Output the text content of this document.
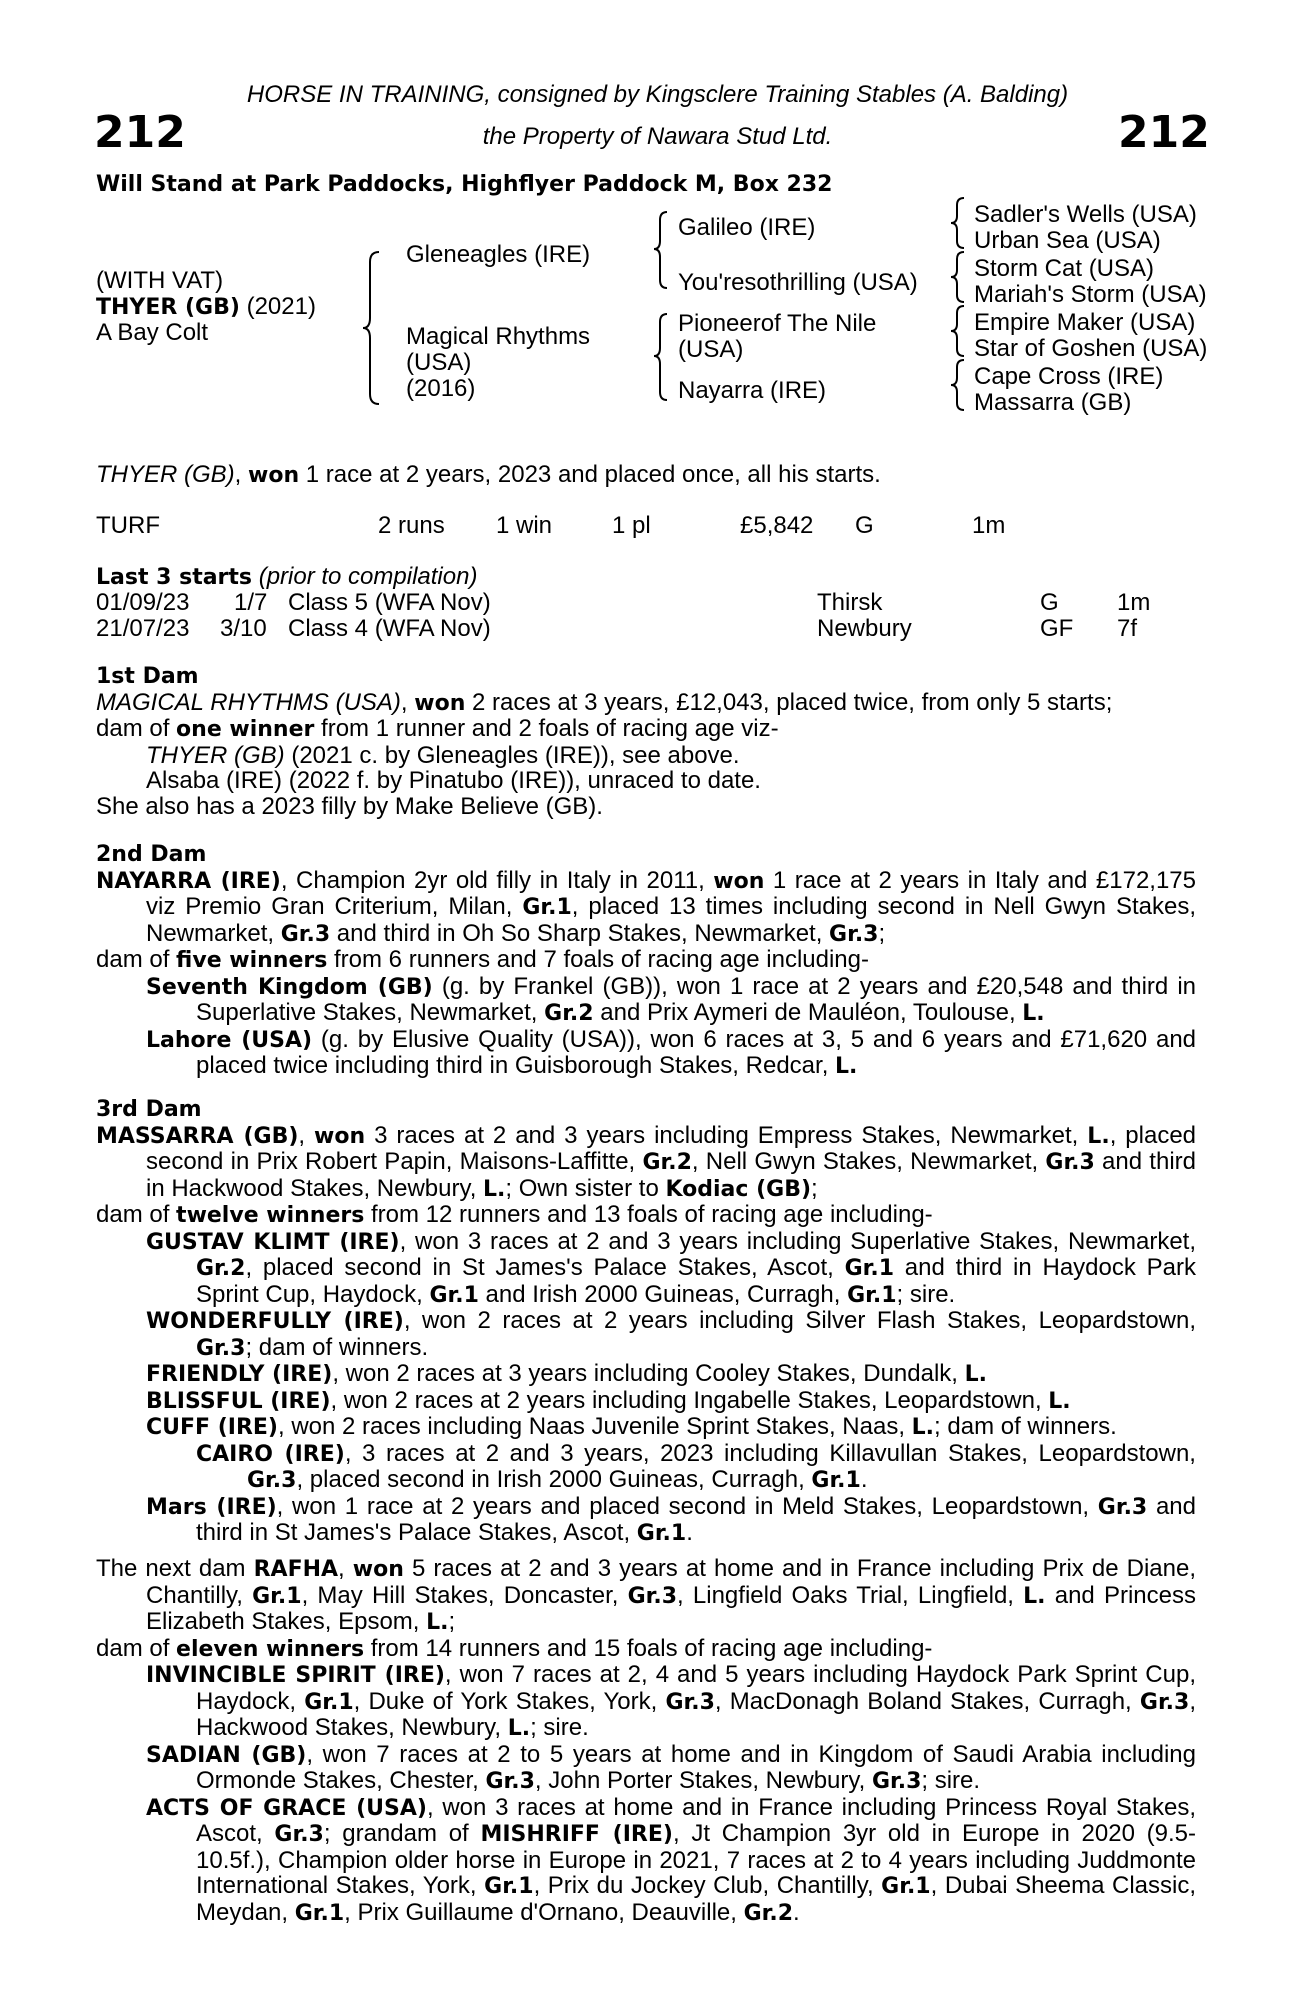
HORSE IN TRAINING, consigned by Kingsclere Training Stables (A. Balding)
212	the Property of Nawara Stud Ltd.	212
Will Stand at Park Paddocks, Highflyer Paddock M, Box 232
(WITH VAT)
THYER (GB) (2021)
A Bay Colt
Gleneagles (IRE)
Magical Rhythms
(USA)
(2016)
Galileo (IRE)
You'resothrilling (USA)
Pioneerof The Nile
(USA)
Nayarra (IRE)
Sadler's Wells (USA)
Urban Sea (USA)
Storm Cat (USA)
Mariah's Storm (USA)
Empire Maker (USA)
Star of Goshen (USA)
Cape Cross (IRE)
Massarra (GB)
THYER (GB), won 1 race at 2 years, 2023 and placed once, all his starts.
TURF	2 runs 1 win 1 pl	£5,842 G	1m
Last 3 starts (prior to compilation)
01/09/23 1/7 Class 5 (WFA Nov)	Thirsk	G 1m
21/07/23 3/10 Class 4 (WFA Nov)	Newbury	GF 7f
1st Dam

MAGICAL RHYTHMS (USA), won 2 races at 3 years, £12,043, placed twice, from only 5 starts;

dam of one winner from 1 runner and 2 foals of racing age viz-

THYER (GB) (2021 c. by Gleneagles (IRE)), see above.

Alsaba (IRE) (2022 f. by Pinatubo (IRE)), unraced to date.

She also has a 2023 filly by Make Believe (GB).

2nd Dam

NAYARRA (IRE), Champion 2yr old filly in Italy in 2011, won 1 race at 2 years in Italy and £172,175 viz Premio Gran Criterium, Milan, Gr.1, placed 13 times including second in Nell Gwyn Stakes, Newmarket, Gr.3 and third in Oh So Sharp Stakes, Newmarket, Gr.3;

dam of five winners from 6 runners and 7 foals of racing age including-

Seventh Kingdom (GB) (g. by Frankel (GB)), won 1 race at 2 years and £20,548 and third in Superlative Stakes, Newmarket, Gr.2 and Prix Aymeri de Mauléon, Toulouse, L.

Lahore (USA) (g. by Elusive Quality (USA)), won 6 races at 3, 5 and 6 years and £71,620 and placed twice including third in Guisborough Stakes, Redcar, L.

3rd Dam

MASSARRA (GB), won 3 races at 2 and 3 years including Empress Stakes, Newmarket, L., placed second in Prix Robert Papin, Maisons-Laffitte, Gr.2, Nell Gwyn Stakes, Newmarket, Gr.3 and third in Hackwood Stakes, Newbury, L.; Own sister to Kodiac (GB);

dam of twelve winners from 12 runners and 13 foals of racing age including-

GUSTAV KLIMT (IRE), won 3 races at 2 and 3 years including Superlative Stakes, Newmarket, Gr.2, placed second in St James's Palace Stakes, Ascot, Gr.1 and third in Haydock Park Sprint Cup, Haydock, Gr.1 and Irish 2000 Guineas, Curragh, Gr.1; sire.

WONDERFULLY (IRE), won 2 races at 2 years including Silver Flash Stakes, Leopardstown, Gr.3; dam of winners.

FRIENDLY (IRE), won 2 races at 3 years including Cooley Stakes, Dundalk, L.

BLISSFUL (IRE), won 2 races at 2 years including Ingabelle Stakes, Leopardstown, L.

CUFF (IRE), won 2 races including Naas Juvenile Sprint Stakes, Naas, L.; dam of winners.

CAIRO (IRE), 3 races at 2 and 3 years, 2023 including Killavullan Stakes, Leopardstown, Gr.3, placed second in Irish 2000 Guineas, Curragh, Gr.1.

Mars (IRE), won 1 race at 2 years and placed second in Meld Stakes, Leopardstown, Gr.3 and third in St James's Palace Stakes, Ascot, Gr.1.

The next dam RAFHA, won 5 races at 2 and 3 years at home and in France including Prix de Diane, Chantilly, Gr.1, May Hill Stakes, Doncaster, Gr.3, Lingfield Oaks Trial, Lingfield, L. and Princess Elizabeth Stakes, Epsom, L.;

dam of eleven winners from 14 runners and 15 foals of racing age including-

INVINCIBLE SPIRIT (IRE), won 7 races at 2, 4 and 5 years including Haydock Park Sprint Cup, Haydock, Gr.1, Duke of York Stakes, York, Gr.3, MacDonagh Boland Stakes, Curragh, Gr.3, Hackwood Stakes, Newbury, L.; sire.

SADIAN (GB), won 7 races at 2 to 5 years at home and in Kingdom of Saudi Arabia including Ormonde Stakes, Chester, Gr.3, John Porter Stakes, Newbury, Gr.3; sire.

ACTS OF GRACE (USA), won 3 races at home and in France including Princess Royal Stakes, Ascot, Gr.3; grandam of MISHRIFF (IRE), Jt Champion 3yr old in Europe in 2020 (9.5-10.5f.), Champion older horse in Europe in 2021, 7 races at 2 to 4 years including Juddmonte International Stakes, York, Gr.1, Prix du Jockey Club, Chantilly, Gr.1, Dubai Sheema Classic, Meydan, Gr.1, Prix Guillaume d'Ornano, Deauville, Gr.2.
